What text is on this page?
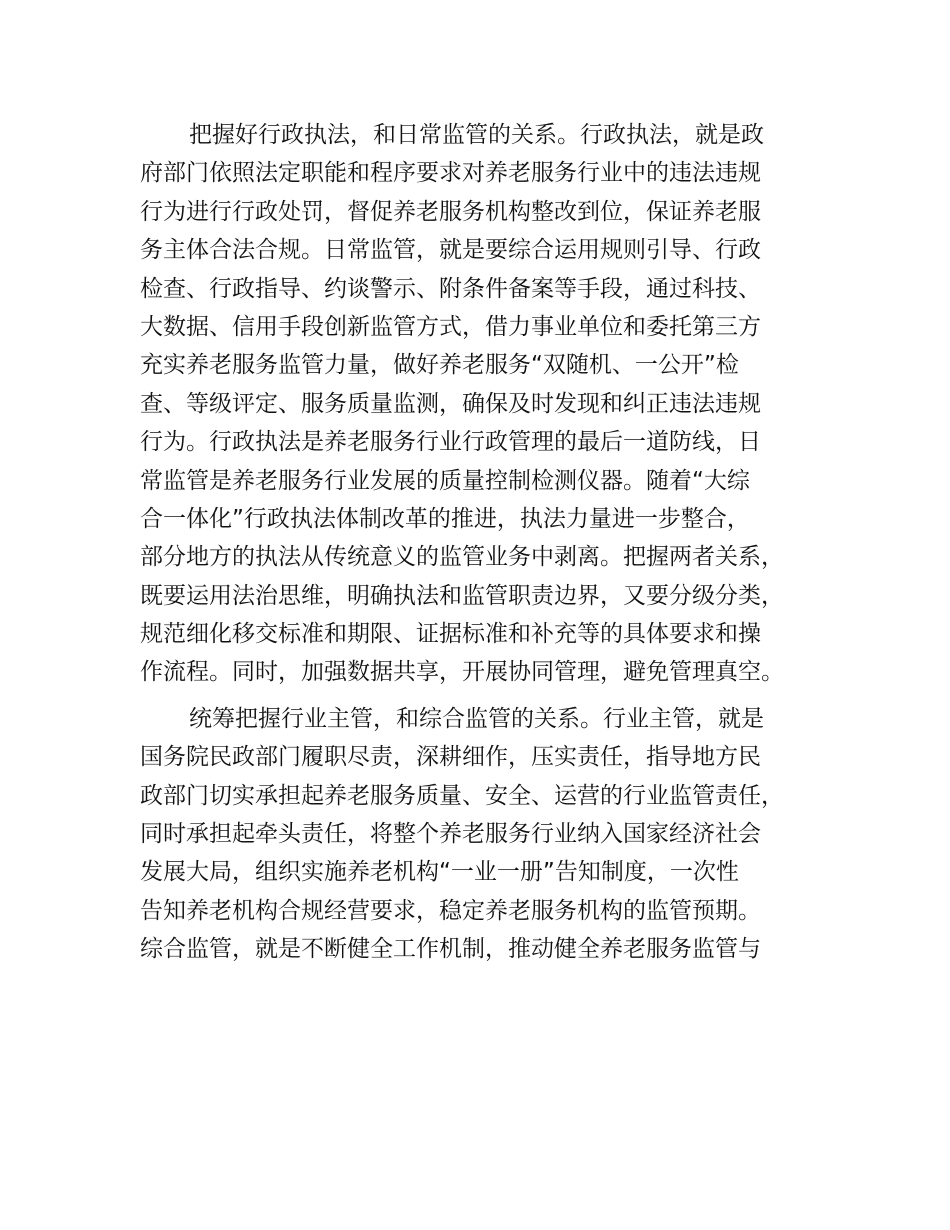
把握好行政执法，和日常监管的关系。行政执法，就是政
府部门依照法定职能和程序要求对养老服务行业中的违法违规
行为进行行政处罚，督促养老服务机构整改到位，保证养老服
务主体合法合规。日常监管，就是要综合运用规则引导、行政
检查、行政指导、约谈警示、附条件备案等手段，通过科技、
大数据、信用手段创新监管方式，借力事业单位和委托第三方
充实养老服务监管力量，做好养老服务“双随机、一公开”检
查、等级评定、服务质量监测，确保及时发现和纠正违法违规
行为。行政执法是养老服务行业行政管理的最后一道防线，日
常监管是养老服务行业发展的质量控制检测仪器。随着“大综
合一体化”行政执法体制改革的推进，执法力量进一步整合，
部分地方的执法从传统意义的监管业务中剥离。把握两者关系，
既要运用法治思维，明确执法和监管职责边界，又要分级分类，
规范细化移交标准和期限、证据标准和补充等的具体要求和操
作流程。同时，加强数据共享，开展协同管理，避免管理真空。
统筹把握行业主管，和综合监管的关系。行业主管，就是
国务院民政部门履职尽责，深耕细作，压实责任，指导地方民
政部门切实承担起养老服务质量、安全、运营的行业监管责任，
同时承担起牵头责任，将整个养老服务行业纳入国家经济社会
发展大局，组织实施养老机构“一业一册”告知制度，一次性
告知养老机构合规经营要求，稳定养老服务机构的监管预期。
综合监管，就是不断健全工作机制，推动健全养老服务监管与
